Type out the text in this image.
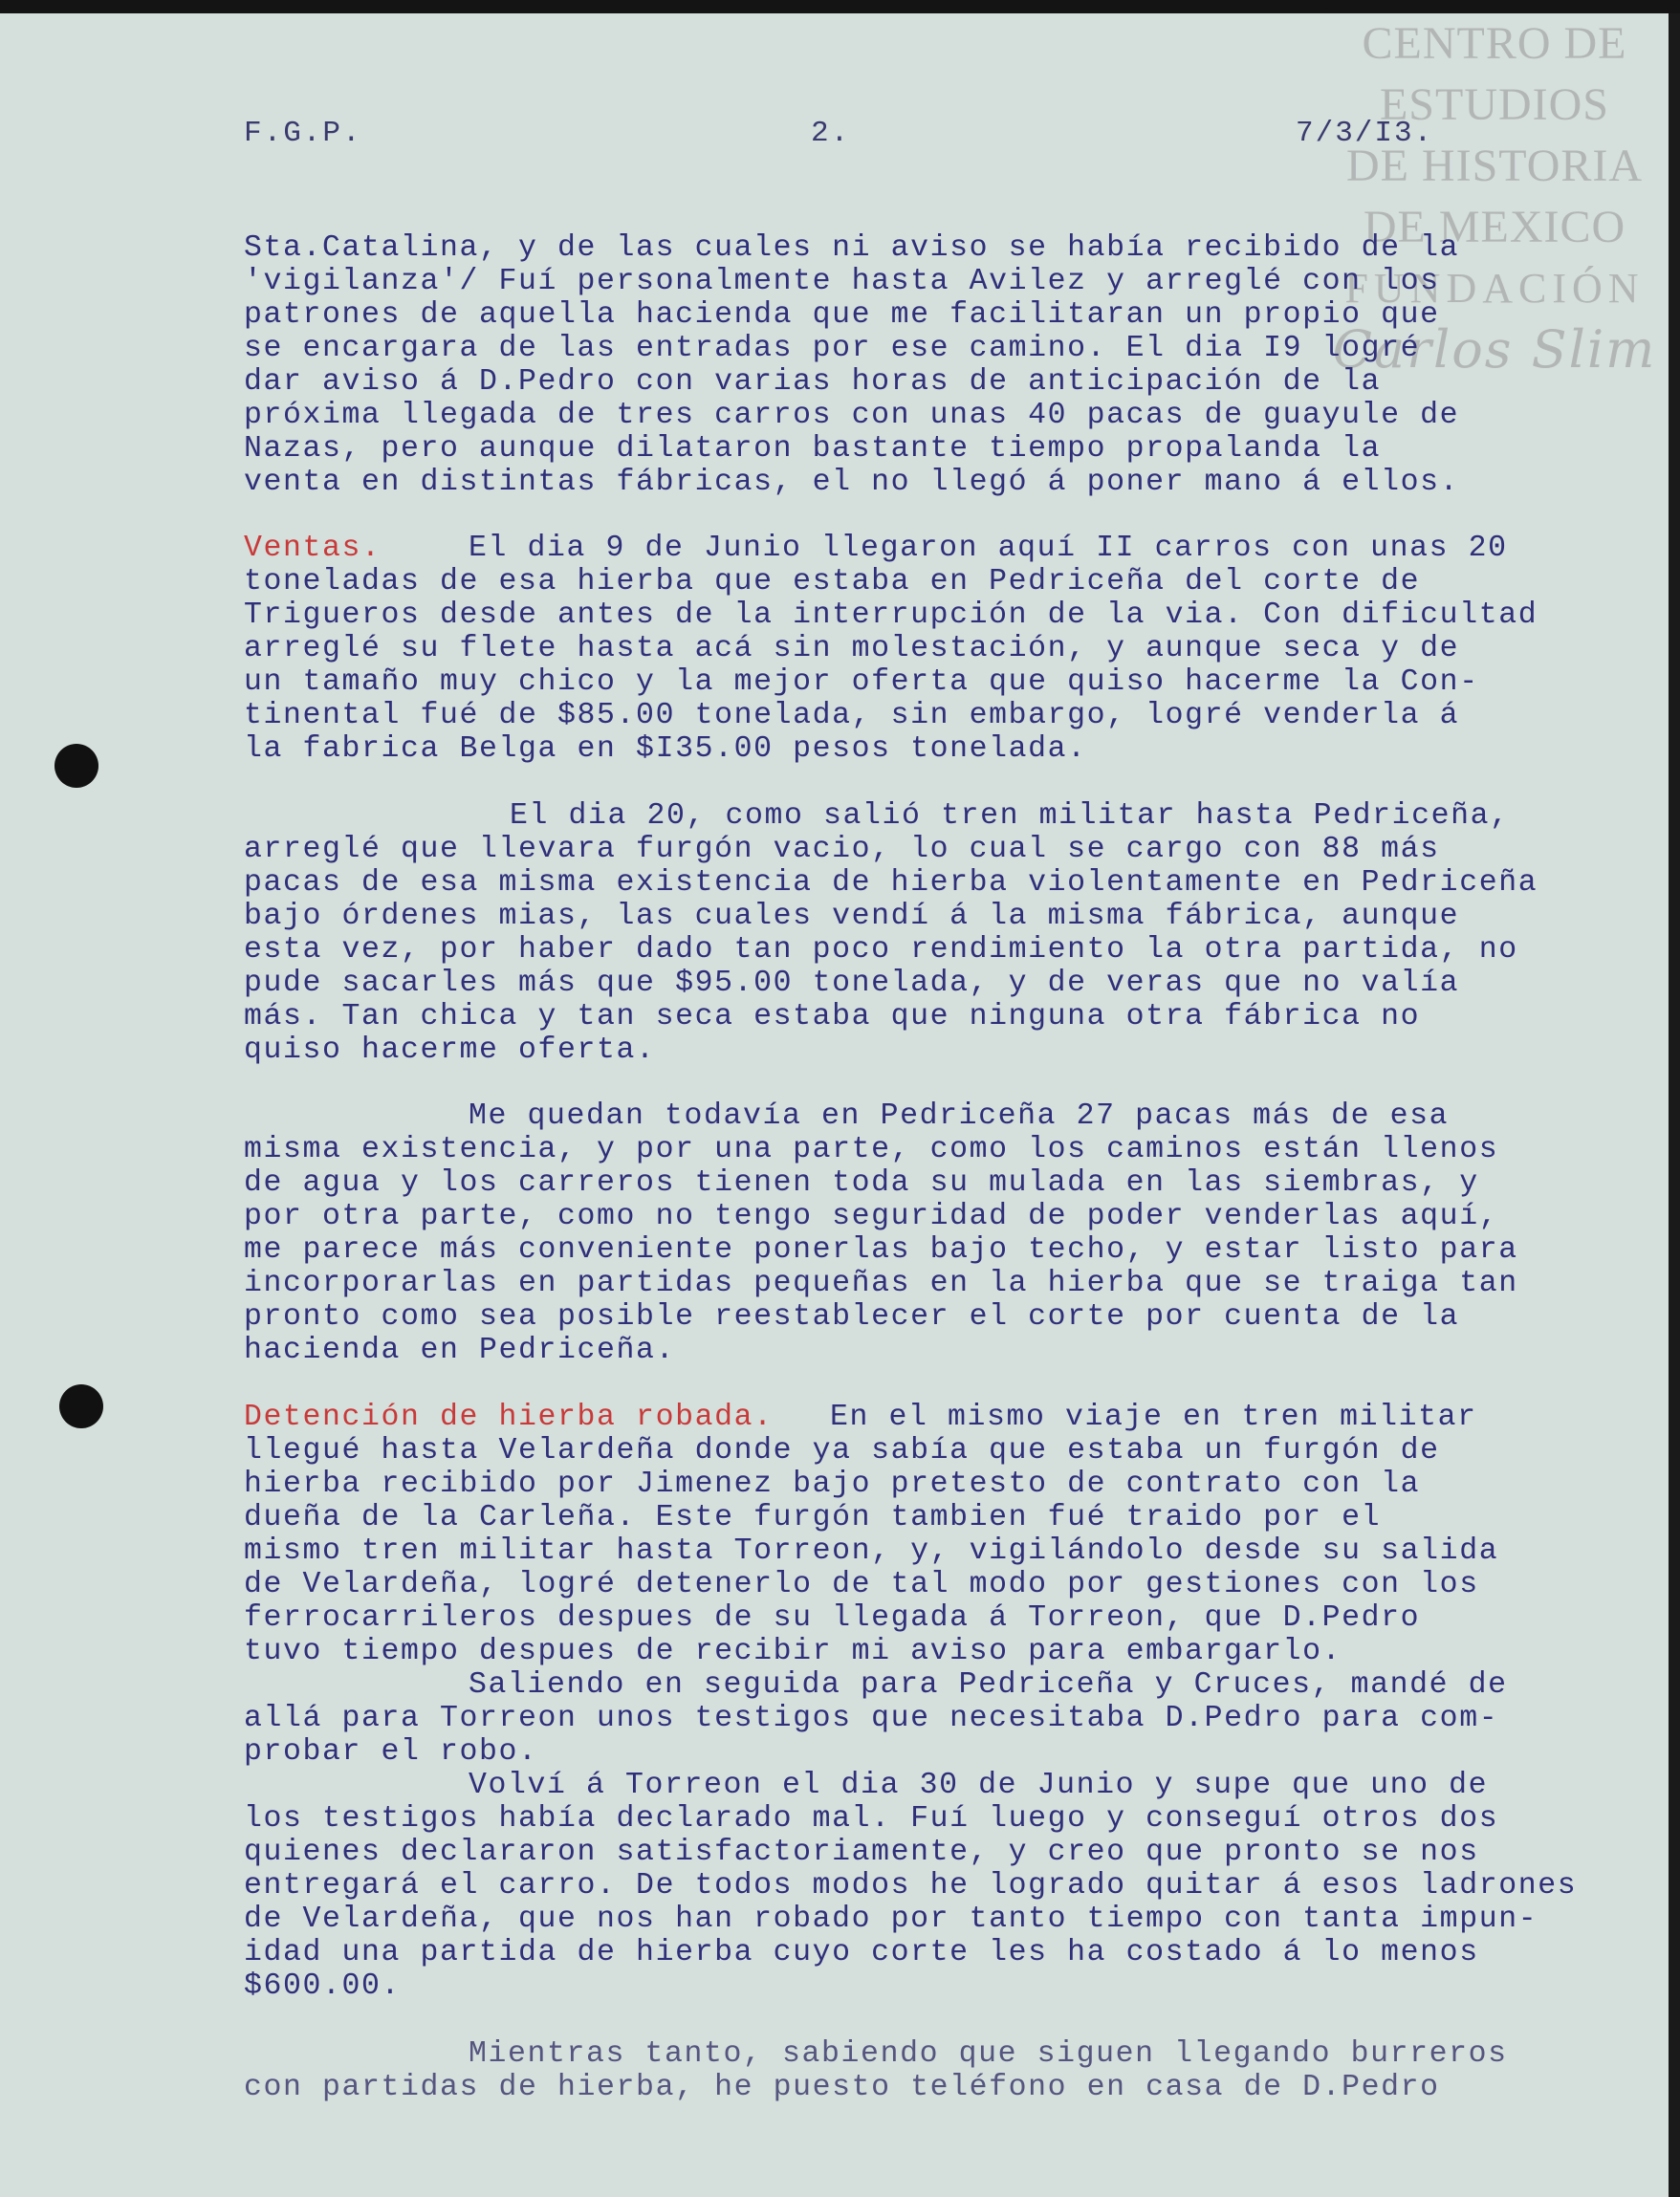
CENTRO DE
ESTUDIOS
DE HISTORIA
DE MEXICO
FUNDACIÓN
Carlos Slim
F.G.P.	2.	7/3/I3.
Sta.Catalina, y de las cuales ni aviso se había recibido de la
'vigilanza'/ Fuí personalmente hasta Avilez y arreglé con los
patrones de aquella hacienda que me facilitaran un propio que
se encargara de las entradas por ese camino. El dia I9 logré
dar aviso á D.Pedro con varias horas de anticipación de la
próxima llegada de tres carros con unas 40 pacas de guayule de
Nazas, pero aunque dilataron bastante tiempo propalanda la
venta en distintas fábricas, el no llegó á poner mano á ellos.
Ventas.	El dia 9 de Junio llegaron aquí II carros con unas 20
toneladas de esa hierba que estaba en Pedriceña del corte de
Trigueros desde antes de la interrupción de la via. Con dificultad
arreglé su flete hasta acá sin molestación, y aunque seca y de
un tamaño muy chico y la mejor oferta que quiso hacerme la Con-
tinental fué de $85.00 tonelada, sin embargo, logré venderla á
la fabrica Belga en $I35.00 pesos tonelada.
El dia 20, como salió tren militar hasta Pedriceña,
arreglé que llevara furgón vacio, lo cual se cargo con 88 más
pacas de esa misma existencia de hierba violentamente en Pedriceña
bajo órdenes mias, las cuales vendí á la misma fábrica, aunque
esta vez, por haber dado tan poco rendimiento la otra partida, no
pude sacarles más que $95.00 tonelada, y de veras que no valía
más. Tan chica y tan seca estaba que ninguna otra fábrica no
quiso hacerme oferta.
Me quedan todavía en Pedriceña 27 pacas más de esa
misma existencia, y por una parte, como los caminos están llenos
de agua y los carreros tienen toda su mulada en las siembras, y
por otra parte, como no tengo seguridad de poder venderlas aquí,
me parece más conveniente ponerlas bajo techo, y estar listo para
incorporarlas en partidas pequeñas en la hierba que se traiga tan
pronto como sea posible reestablecer el corte por cuenta de la
hacienda en Pedriceña.
Detención de hierba robada. En el mismo viaje en tren militar
llegué hasta Velardeña donde ya sabía que estaba un furgón de
hierba recibido por Jimenez bajo pretesto de contrato con la
dueña de la Carleña. Este furgón tambien fué traido por el
mismo tren militar hasta Torreon, y, vigilándolo desde su salida
de Velardeña, logré detenerlo de tal modo por gestiones con los
ferrocarrileros despues de su llegada á Torreon, que D.Pedro
tuvo tiempo despues de recibir mi aviso para embargarlo.
Saliendo en seguida para Pedriceña y Cruces, mandé de
allá para Torreon unos testigos que necesitaba D.Pedro para com-
probar el robo.
Volví á Torreon el dia 30 de Junio y supe que uno de
los testigos había declarado mal. Fuí luego y conseguí otros dos
quienes declararon satisfactoriamente, y creo que pronto se nos
entregará el carro. De todos modos he logrado quitar á esos ladrones
de Velardeña, que nos han robado por tanto tiempo con tanta impun-
idad una partida de hierba cuyo corte les ha costado á lo menos
$600.00.
Mientras tanto, sabiendo que siguen llegando burreros
con partidas de hierba, he puesto teléfono en casa de D.Pedro
